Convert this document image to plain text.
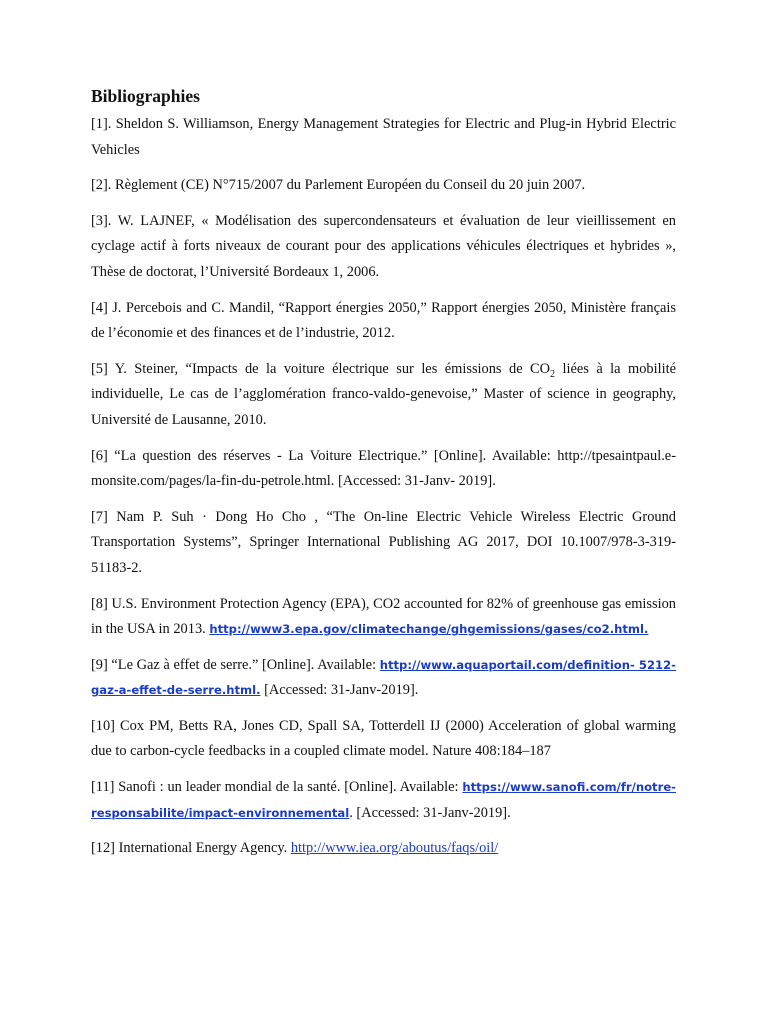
Bibliographies

[1]. Sheldon S. Williamson, Energy Management Strategies for Electric and Plug-in Hybrid Electric Vehicles

[2]. Règlement (CE) N°715/2007 du Parlement Européen du Conseil du 20 juin 2007.

[3]. W. LAJNEF, « Modélisation des supercondensateurs et évaluation de leur vieillissement en cyclage actif à forts niveaux de courant pour des applications véhicules électriques et hybrides », Thèse de doctorat, l’Université Bordeaux 1, 2006.

[4] J. Percebois and C. Mandil, “Rapport énergies 2050,” Rapport énergies 2050, Ministère français de l’économie et des finances et de l’industrie, 2012.

[5] Y. Steiner, “Impacts de la voiture électrique sur les émissions de $CO_2$ liées à la mobilité individuelle, Le cas de l’agglomération franco-valdo-genevoise,” Master of science in geography, Université de Lausanne, 2010.

[6] “La question des réserves - La Voiture Electrique.” [Online]. Available: http://tpesaintpaul.e-monsite.com/pages/la-fin-du-petrole.html. [Accessed: 31-Janv- 2019].

[7] Nam P. Suh · Dong Ho Cho , “The On-line Electric Vehicle Wireless Electric Ground Transportation Systems”, Springer International Publishing AG 2017, DOI 10.1007/978-3-319-51183-2.

[8] U.S. Environment Protection Agency (EPA), CO2 accounted for 82% of greenhouse gas emission in the USA in 2013. http://www3.epa.gov/climatechange/ghgemissions/gases/co2.html.

[9] “Le Gaz à effet de serre.” [Online]. Available: http://www.aquaportail.com/definition- 5212-gaz-a-effet-de-serre.html. [Accessed: 31-Janv-2019].

[10] Cox PM, Betts RA, Jones CD, Spall SA, Totterdell IJ (2000) Acceleration of global warming due to carbon-cycle feedbacks in a coupled climate model. Nature 408:184–187

[11] Sanofi : un leader mondial de la santé. [Online]. Available: https://www.sanofi.com/fr/notre-responsabilite/impact-environnemental. [Accessed: 31-Janv-2019].

[12] International Energy Agency. http://www.iea.org/aboutus/faqs/oil/
